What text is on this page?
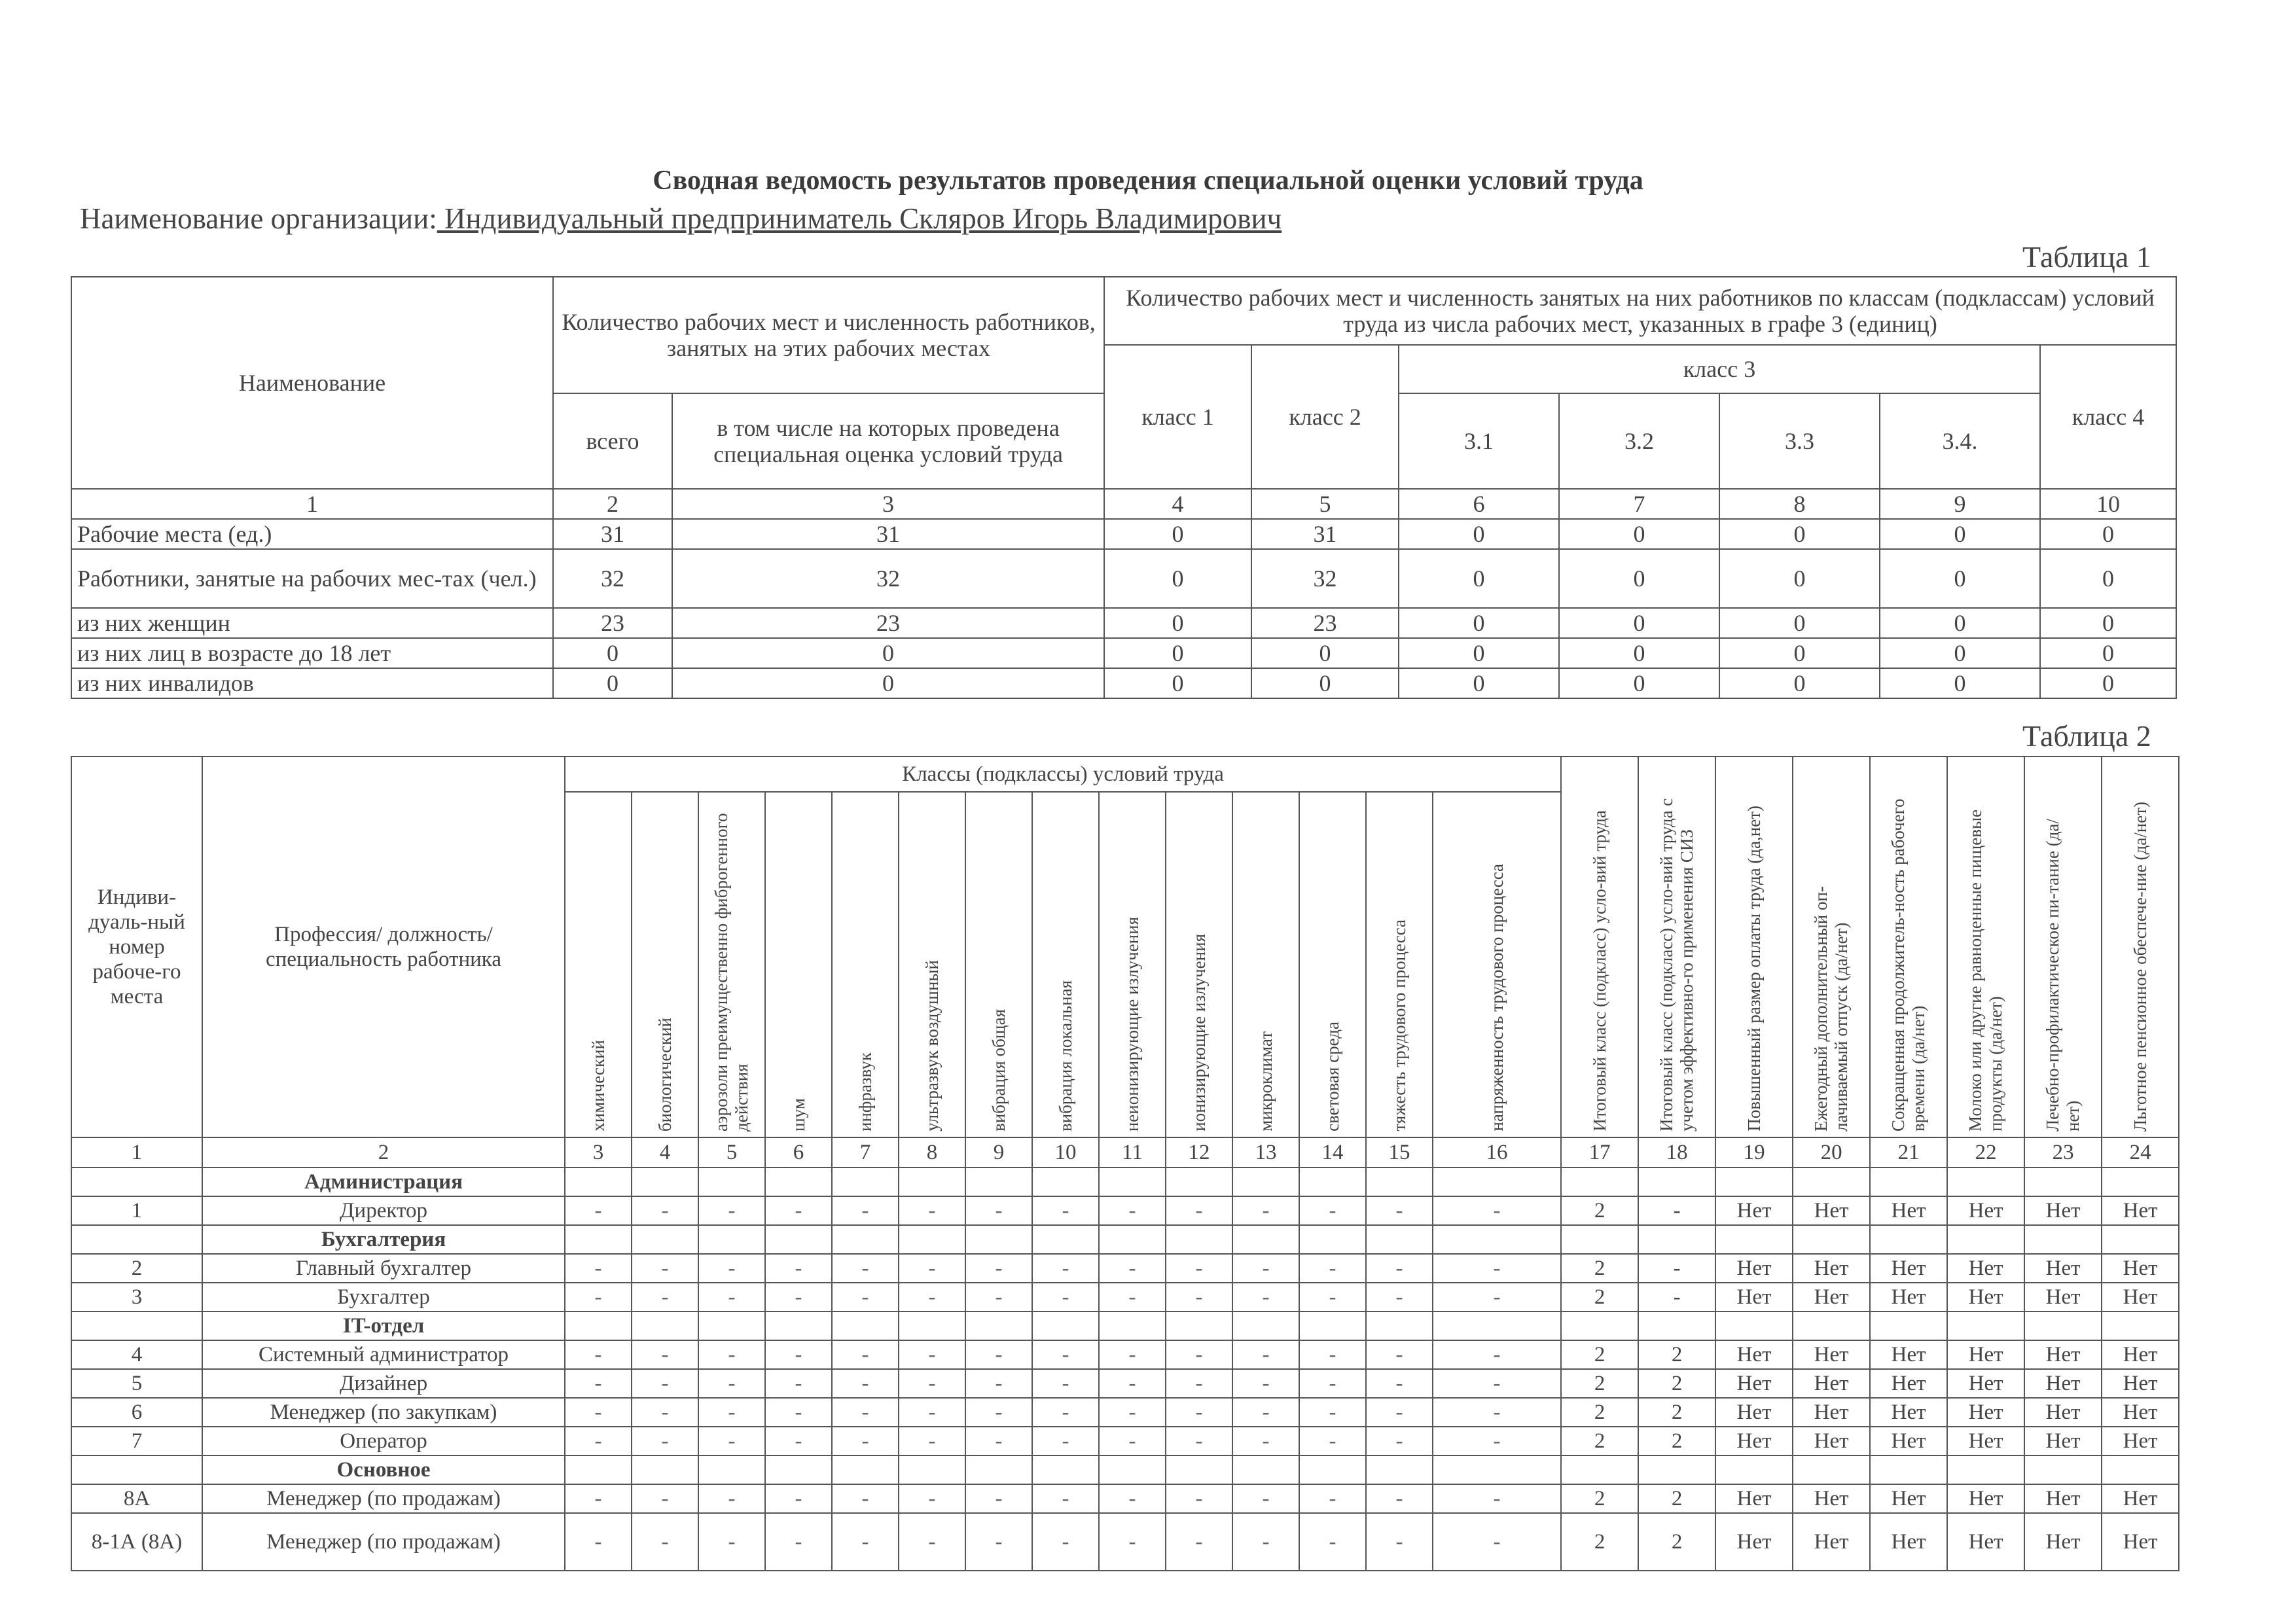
Сводная ведомость результатов проведения специальной оценки условий труда
Наименование организации: Индивидуальный предприниматель Скляров Игорь Владимирович
Таблица 1
Наименование	Количество рабочих мест и численность работников, занятых на этих рабочих местах		Количество рабочих мест и численность занятых на них работников по классам (подклассам) условий труда из числа рабочих мест, указанных в графе 3 (единиц)						
			класс 1	класс 2	класс 3				класс 4
	всего	в том числе на которых проведена специальная оценка условий труда			3.1	3.2	3.3	3.4.	
1	2	3	4	5	6	7	8	9	10
Рабочие места (ед.)	31	31	0	31	0	0	0	0	0
Работники, занятые на рабочих мес-тах (чел.)	32	32	0	32	0	0	0	0	0
из них женщин	23	23	0	23	0	0	0	0	0
из них лиц в возрасте до 18 лет	0	0	0	0	0	0	0	0	0
из них инвалидов	0	0	0	0	0	0	0	0	0
Таблица 2
Индиви-дуаль-ный номер рабоче-го места	Профессия/ должность/ специальность работника	Классы (подклассы) условий труда														Итоговый класс (подкласс) усло-вий труда	Итоговый класс (подкласс) усло-вий труда с учетом эффективно-го применения СИЗ	Повышенный размер оплаты труда (да,нет)	Ежегодный дополнительный оп-лачиваемый отпуск (да/нет)	Сокращенная продолжитель-ность рабочего времени (да/нет)	Молоко или другие равноценные пищевые продукты (да/нет)	Лечебно-профилактическое пи-тание (да/нет)	Льготное пенсионное обеспече-ние (да/нет)

		химический	биологический	аэрозоли преимущественно фиброгенного действия	шум	инфразвук	ультразвук воздушный	вибрация общая	вибрация локальная	неионизирующие излучения	ионизирующие излучения	микроклимат	световая среда	тяжесть трудового процесса	напряженность трудового процесса								

1	2	3	4	5	6	7	8	9	10	11	12	13	14	15	16	17	18	19	20	21	22	23	24
	Администрация																						
1	Директор	-	-	-	-	-	-	-	-	-	-	-	-	-	-	2	-	Нет	Нет	Нет	Нет	Нет	Нет
	Бухгалтерия																						
2	Главный бухгалтер	-	-	-	-	-	-	-	-	-	-	-	-	-	-	2	-	Нет	Нет	Нет	Нет	Нет	Нет
3	Бухгалтер	-	-	-	-	-	-	-	-	-	-	-	-	-	-	2	-	Нет	Нет	Нет	Нет	Нет	Нет
	IT-отдел																						
4	Системный администратор	-	-	-	-	-	-	-	-	-	-	-	-	-	-	2	2	Нет	Нет	Нет	Нет	Нет	Нет
5	Дизайнер	-	-	-	-	-	-	-	-	-	-	-	-	-	-	2	2	Нет	Нет	Нет	Нет	Нет	Нет
6	Менеджер (по закупкам)	-	-	-	-	-	-	-	-	-	-	-	-	-	-	2	2	Нет	Нет	Нет	Нет	Нет	Нет
7	Оператор	-	-	-	-	-	-	-	-	-	-	-	-	-	-	2	2	Нет	Нет	Нет	Нет	Нет	Нет
	Основное																						
8А	Менеджер (по продажам)	-	-	-	-	-	-	-	-	-	-	-	-	-	-	2	2	Нет	Нет	Нет	Нет	Нет	Нет
8-1А (8А)	Менеджер (по продажам)	-	-	-	-	-	-	-	-	-	-	-	-	-	-	2	2	Нет	Нет	Нет	Нет	Нет	Нет
